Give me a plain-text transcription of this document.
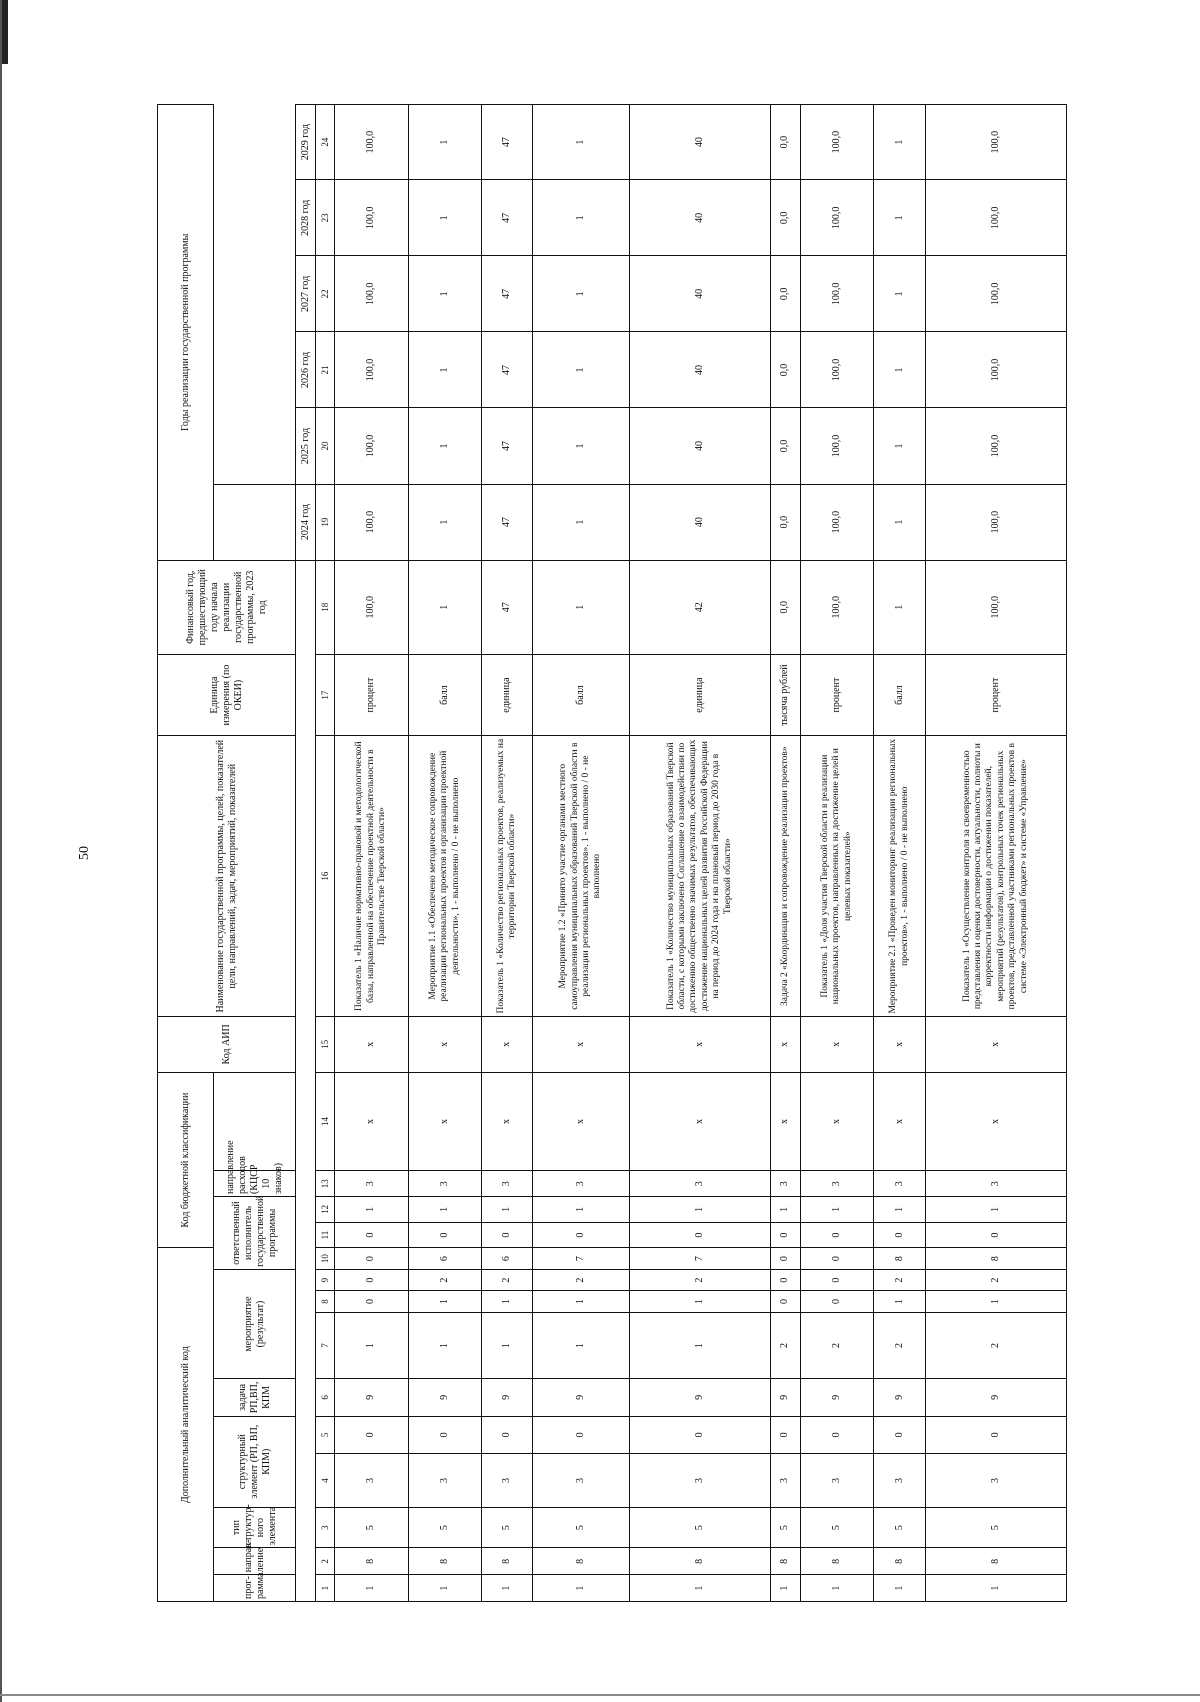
50
Дополнительный аналитический код										Код бюджетной классификации				Код АИП	Наименование государственной программы, целей, показателей цели, направлений, задач, мероприятий, показателей	Единица измерения (по ОКЕИ)	Финансовый год, предшествующий году начала реализации государственной программы, 2023 год	Годы реализации государственной программы					
прог- рамма	направ- ление	тип структур- ного элемента	структурный элемент (РП, ВП, КПМ)		задача РП,ВП, КПМ	мероприятие (результат)			ответственный исполнитель государственной программы			направление расходов (КЦСР 10 знаков)											

																		2024 год	2025 год	2026 год	2027 год	2028 год	2029 год
1	2	3	4	5	6	7	8	9	10	11	12	13	14	15	16	17	18	19	20	21	22	23	24
1	8	5	3	0	9	1	0	0	0	0	1	3	x	x	Показатель 1 «Наличие нормативно-правовой и методологической базы, направленной на обеспечение проектной деятельности в Правительстве Тверской области»	процент	100,0	100,0	100,0	100,0	100,0	100,0	100,0
1	8	5	3	0	9	1	1	2	6	0	1	3	x	x	Мероприятие 1.1 «Обеспечено методическое сопровождение реализации региональных проектов и организации проектной деятельности», 1 - выполнено / 0 - не выполнено	балл	1	1	1	1	1	1	1
1	8	5	3	0	9	1	1	2	6	0	1	3	x	x	Показатель 1 «Количество региональных проектов, реализуемых на территории Тверской области»	единица	47	47	47	47	47	47	47
1	8	5	3	0	9	1	1	2	7	0	1	3	x	x	Мероприятие 1.2 «Принято участие органами местного самоуправления муниципальных образований Тверской области в реализации региональных проектов». 1 - выполнено / 0 - не выполнено	балл	1	1	1	1	1	1	1
1	8	5	3	0	9	1	1	2	7	0	1	3	x	x	Показатель 1 «Количество муниципальных образований Тверской области, с которыми заключено Соглашение о взаимодействии по достижению общественно значимых результатов, обеспечивающих достижение национальных целей развития Российской Федерации на период до 2024 года и на плановый период до 2030 года в Тверской области»	единица	42	40	40	40	40	40	40
1	8	5	3	0	9	2	0	0	0	0	1	3	x	x	Задача 2 «Координация и сопровождение реализации проектов»	тысяча рублей	0,0	0,0	0,0	0,0	0,0	0,0	0,0
1	8	5	3	0	9	2	0	0	0	0	1	3	x	x	Показатель 1 «Доля участия Тверской области в реализации национальных проектов, направленных на достижение целей и целевых показателей»	процент	100,0	100,0	100,0	100,0	100,0	100,0	100,0
1	8	5	3	0	9	2	1	2	8	0	1	3	x	x	Мероприятие 2.1 «Проведен мониторинг реализации региональных проектов», 1 - выполнено / 0 - не выполнено	балл	1	1	1	1	1	1	1
1	8	5	3	0	9	2	1	2	8	0	1	3	x	x	Показатель 1 «Осуществление контроля за своевременностью представления и оценки достоверности, актуальности, полноты и корректности информации о достижении показателей, мероприятий (результатов), контрольных точек региональных проектов, представленной участниками региональных проектов в системе «Электронный бюджет» и системе «Управление»	процент	100,0	100,0	100,0	100,0	100,0	100,0	100,0
